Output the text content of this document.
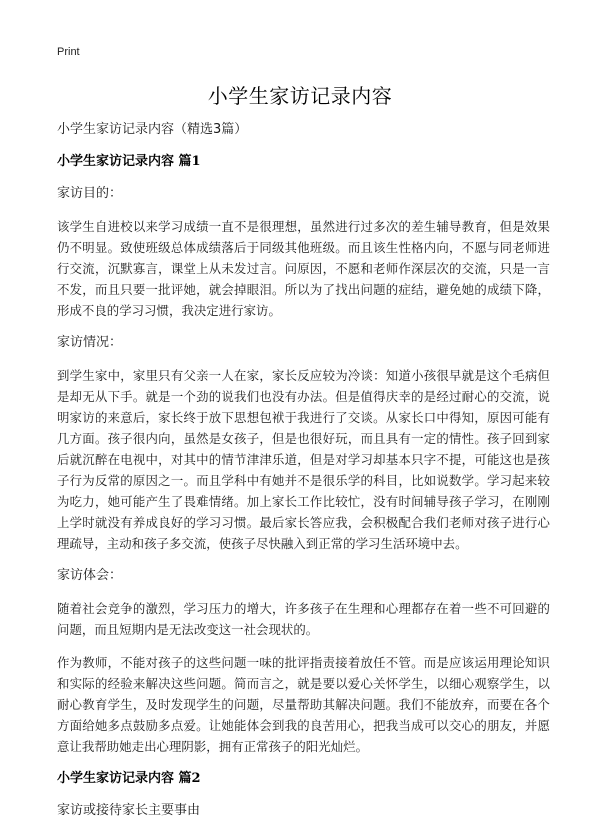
Print
小学生家访记录内容

小学生家访记录内容（精选3篇）

小学生家访记录内容 篇1

家访目的：

该学生自进校以来学习成绩一直不是很理想，虽然进行过多次的差生辅导教育，但是效果仍不明显。致使班级总体成绩落后于同级其他班级。而且该生性格内向，不愿与同老师进行交流，沉默寡言，课堂上从未发过言。问原因，不愿和老师作深层次的交流，只是一言不发，而且只要一批评她，就会掉眼泪。所以为了找出问题的症结，避免她的成绩下降，形成不良的学习习惯，我决定进行家访。

家访情况：

到学生家中，家里只有父亲一人在家，家长反应较为冷谈：知道小孩很早就是这个毛病但是却无从下手。就是一个劲的说我们也没有办法。但是值得庆幸的是经过耐心的交流，说明家访的来意后，家长终于放下思想包袱于我进行了交谈。从家长口中得知，原因可能有几方面。孩子很内向，虽然是女孩子，但是也很好玩，而且具有一定的情性。孩子回到家后就沉醉在电视中，对其中的情节津津乐道，但是对学习却基本只字不提，可能这也是孩子行为反常的原因之一。而且学科中有她并不是很乐学的科目，比如说数学。学习起来较为吃力，她可能产生了畏难情绪。加上家长工作比较忙，没有时间辅导孩子学习，在刚刚上学时就没有养成良好的学习习惯。最后家长答应我，会积极配合我们老师对孩子进行心理疏导，主动和孩子多交流，使孩子尽快融入到正常的学习生活环境中去。

家访体会：

随着社会竞争的激烈，学习压力的增大，许多孩子在生理和心理都存在着一些不可回避的问题，而且短期内是无法改变这一社会现状的。

作为教师，不能对孩子的这些问题一味的批评指责接着放任不管。而是应该运用理论知识和实际的经验来解决这些问题。简而言之，就是要以爱心关怀学生，以细心观察学生，以耐心教育学生，及时发现学生的问题，尽量帮助其解决问题。我们不能放弃，而要在各个方面给她多点鼓励多点爱。让她能体会到我的良苦用心，把我当成可以交心的朋友，并愿意让我帮助她走出心理阴影，拥有正常孩子的阳光灿烂。

小学生家访记录内容 篇2

家访或接待家长主要事由
